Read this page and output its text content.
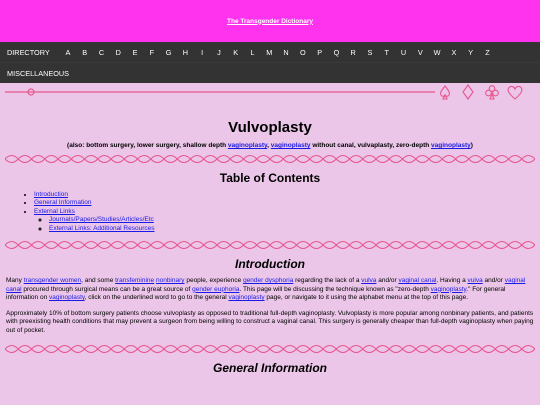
The Transgender Dictionary
DIRECTORY A B C D E F G H	I	J	K L M N O P Q R S T U V W X Y Z
MISCELLANEOUS
Vulvoplasty
(also: bottom surgery, lower surgery, shallow depth vaginoplasty, vaginoplasty without canal, vulvaplasty, zero-depth vaginoplasty)
Table of Contents
• Introduction
• General Information
• External Links
◦ Journals/Papers/Studies/Articles/Etc
◦ External Links: Additional Resources
Introduction

Many transgender women, and some transfeminine nonbinary people, experience gender dysphoria regarding the lack of a vulva and/or vaginal canal. Having a vulva and/or vaginal canal procured through surgical means can be a great source of gender euphoria. This page will be discussing the technique known as "zero-depth vaginoplasty." For general information on vaginoplasty, click on the underlined word to go to the general vaginoplasty page, or navigate to it using the alphabet menu at the top of this page.

Approximately 10% of bottom surgery patients choose vulvoplasty as opposed to traditional full-depth vaginoplasty. Vulvoplasty is more popular among nonbinary patients, and patients with preexisting health conditions that may prevent a surgeon from being willing to construct a vaginal canal. This surgery is generally cheaper than full-depth vaginoplasty when paying out of pocket.

General Information
